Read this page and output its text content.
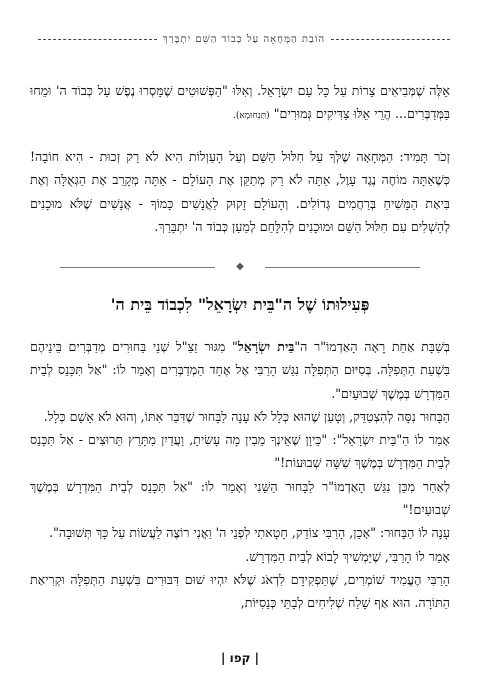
הוֹבַת הַמְּחָאָה עַל כְּבוֹד הַשֵּׁם יִתְבָּרַךְ

אֵלֶּה שֶׁמְּבִיאִים צָרוֹת עַל כָּל עַם יִשְׂרָאֵל. וְאִלּוּ "הַפְּשׁוּטִים שֶׁמָּסְרוּ נֶפֶשׁ עַל כְּבוֹד ה' וּמֵחוּ בַּמְּדַבְּרִים... הֲרֵי אֵלּוּ צַדִּיקִים גְּמוּרִים" (תַּנְחוּמָא).

זְכֹר תָּמִיד: הַמְּחָאָה שֶׁלְּךָ עַל חִלּוּל הַשֵּׁם וְעַל הָעַוְלוֹת הִיא לֹא רַק זְכוּת - הִיא חוֹבָה! כְּשֶׁאַתָּה מוֹחֶה נֶגֶד עָוֶל, אַתָּה לֹא רַק מְתַקֵּן אֶת הָעוֹלָם - אַתָּה מְקָרֵב אֶת הַגְּאֻלָּה וְאֶת בִּיאַת הַמָּשִׁיחַ בְּרַחֲמִים גְּדוֹלִים. וְהָעוֹלָם זָקוּק לַאֲנָשִׁים כָּמוֹךָ - אֲנָשִׁים שֶׁלֹּא מוּכָנִים לְהַשְׁלִים עִם חִלּוּל הַשֵּׁם וּמוּכָנִים לְהִלָּחֵם לְמַעַן כְּבוֹד ה' יִתְבָּרַךְ.

◆
פְּעִילוּתוֹ שֶׁל ה"בֵּית יִשְׂרָאֵל" לִכְבוֹד בֵּית ה'

בְּשַׁבָּת אַחַת רָאָה הָאַדְמוֹ"ר ה"בֵּית יִשְׂרָאֵל" מִגּוּר זַצַ"ל שְׁנֵי בַּחוּרִים מְדַבְּרִים בֵּינֵיהֶם בִּשְׁעַת הַתְּפִלָּה. בְּסִיּוּם הַתְּפִלָּה נִגַּשׁ הָרַבִּי אֶל אֶחָד הַמְדַבְּרִים וְאָמַר לוֹ: "אַל תִּכָּנֵס לְבֵית הַמִּדְרָשׁ בְּמֶשֶׁךְ שְׁבוּעַיִם".

הַבָּחוּר נִסָּה לְהִצְטַדֵּק, וְטָעַן שֶׁהוּא כְּלָל לֹא עָנָה לַבָּחוּר שֶׁדִּבֵּר אִתּוֹ, וְהוּא לֹא אָשֵׁם כְּלָל.

אָמַר לוֹ הַ"בֵּית יִשְׂרָאֵל": "כֵּיוָן שֶׁאֵינְךָ מֵבִין מָה עָשִׂיתָ, וַעֲדַיִן מִתָּרֵץ תֵּרוּצִים - אַל תִּכָּנֵס לְבֵית הַמִּדְרָשׁ בְּמֶשֶׁךְ שִׁשָּׁה שְׁבוּעוֹת!"

לְאַחַר מִכֵּן נִגַּשׁ הָאַדְמוֹ"ר לַבָּחוּר הַשֵּׁנִי וְאָמַר לוֹ: "אַל תִּכָּנֵס לְבֵית הַמִּדְרָשׁ בְּמֶשֶׁךְ שְׁבוּעַיִם!"

עָנָה לוֹ הַבָּחוּר: "אָכֵן, הָרַבִּי צוֹדֵק, חָטָאתִי לִפְנֵי ה' וַאֲנִי רוֹצֶה לַעֲשׂוֹת עַל כָּךְ תְּשׁוּבָה".

אָמַר לוֹ הָרַבִּי, שֶׁיַּמְשִׁיךְ לָבוֹא לְבֵית הַמִּדְרָשׁ.

הָרַבִּי הֶעֱמִיד שׁוֹמְרִים, שֶׁתַּפְקִידָם לִדְאֹג שֶׁלֹּא יִהְיוּ שׁוּם דִּבּוּרִים בִּשְׁעַת הַתְּפִלָּה וּקְרִיאַת הַתּוֹרָה. הוּא אַף שָׁלַח שְׁלִיחִים לְבָתֵּי כְּנֵסִיּוֹת,

| קפו |
